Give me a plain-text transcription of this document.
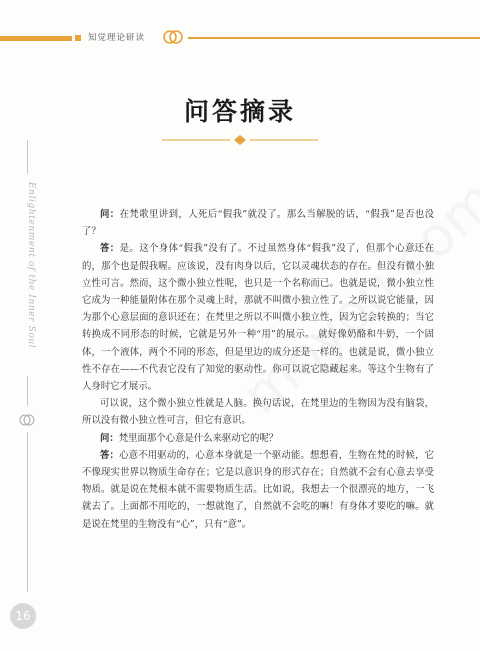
知觉理论研读
问答摘录
Enlightenment of the Inner Soul	问：在梵歌里讲到，人死后“假我”就没了。那么当解脱的话，“假我”是否也没了？

答：是。这个身体“假我”没有了。不过虽然身体“假我”没了，但那个心意还在的，那个也是假我喔。应该说，没有肉身以后，它以灵魂状态的存在。但没有微小独立性可言。然而，这个微小独立性呢，也只是一个名称而已。也就是说，微小独立性它成为一种能量附体在那个灵魂上时，那就不叫微小独立性了。之所以说它能量，因为那个心意层面的意识还在；在梵里之所以不叫微小独立性，因为它会转换的；当它转换成不同形态的时候，它就是另外一种“用”的展示。 就好像奶酪和牛奶，一个固体，一个液体，两个不同的形态，但是里边的成分还是一样的。也就是说，微小独立性不存在——不代表它没有了知觉的驱动性。你可以说它隐藏起来。等这个生物有了人身时它才展示。

可以说，这个微小独立性就是人脑。换句话说，在梵里边的生物因为没有脑袋，所以没有微小独立性可言，但它有意识。

问：梵里面那个心意是什么来驱动它的呢？

答：心意不用驱动的，心意本身就是一个驱动能。想想看，生物在梵的时候，它不像现实世界以物质生命存在；它是以意识身的形式存在；自然就不会有心意去享受物质。就是说在梵根本就不需要物质生活。比如说，我想去一个很漂亮的地方，一飞就去了。上面都不用吃的，一想就饱了，自然就不会吃的嘛！有身体才要吃的嘛。就是说在梵里的生物没有“心”，只有“意”。

16
